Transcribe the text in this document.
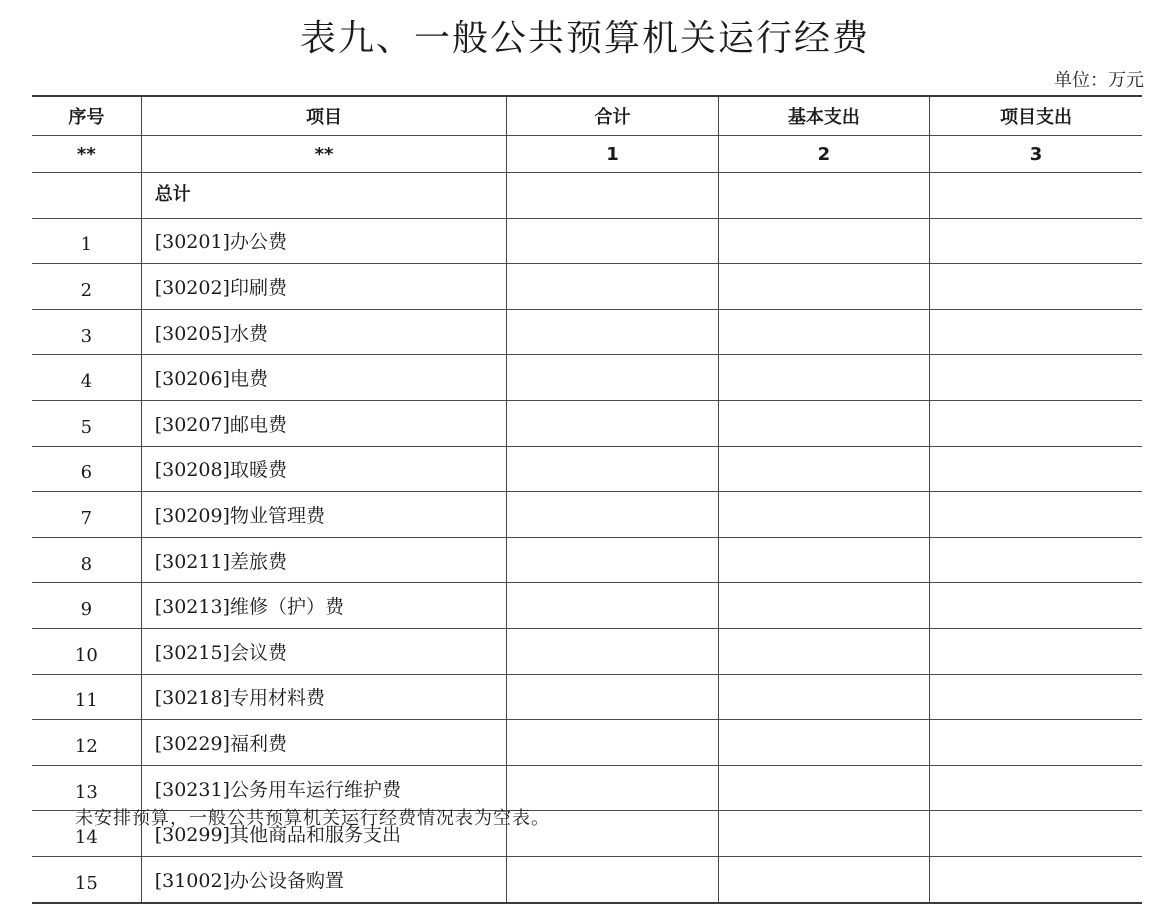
表九、一般公共预算机关运行经费
单位：万元
序号	项目	合计	基本支出	项目支出
**	**	1	2	3
	总计			
1	[30201]办公费			
2	[30202]印刷费			
3	[30205]水费			
4	[30206]电费			
5	[30207]邮电费			
6	[30208]取暖费			
7	[30209]物业管理费			
8	[30211]差旅费			
9	[30213]维修（护）费			
10	[30215]会议费			
11	[30218]专用材料费			
12	[30229]福利费			
13	[30231]公务用车运行维护费			
14	[30299]其他商品和服务支出			
15	[31002]办公设备购置			
未安排预算，一般公共预算机关运行经费情况表为空表。
